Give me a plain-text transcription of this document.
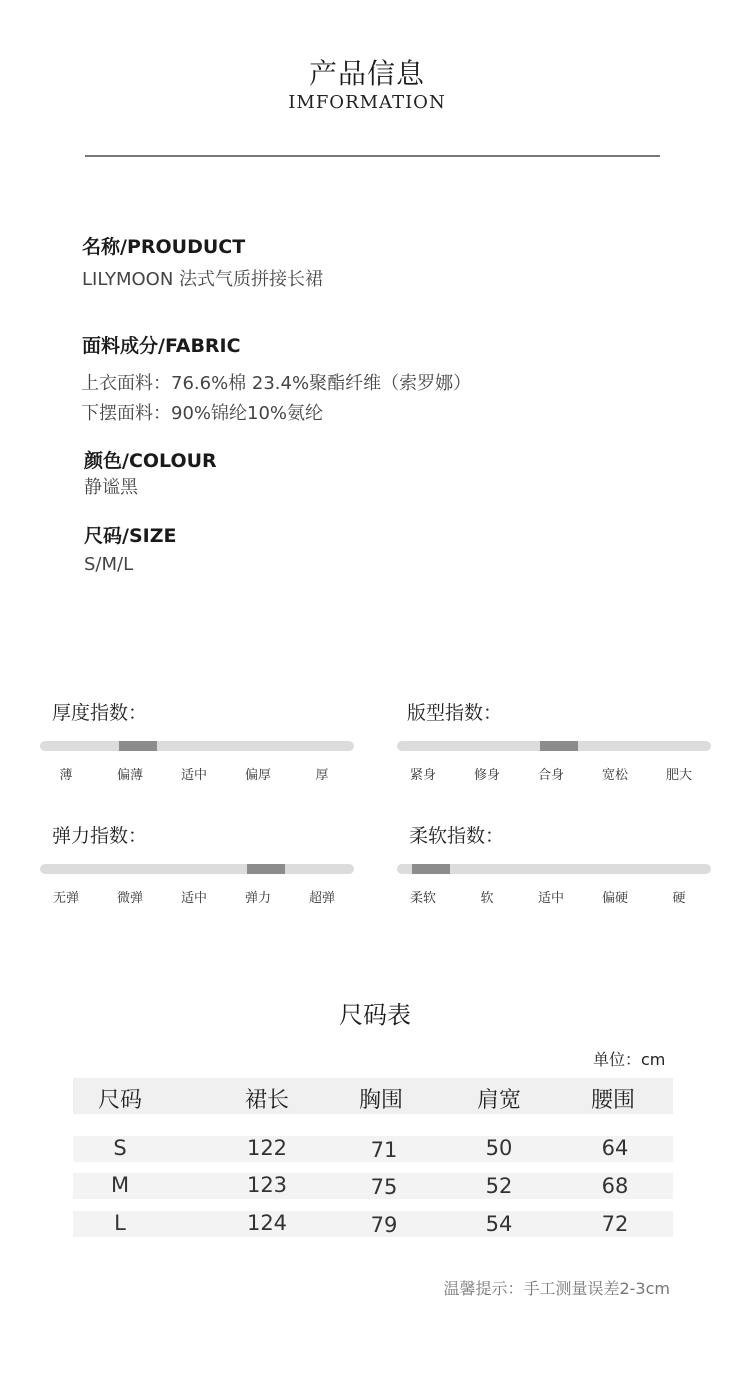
产品信息
IMFORMATION
名称/PROUDUCT
LILYMOON 法式气质拼接长裙
面料成分/FABRIC
上衣面料：76.6%棉 23.4%聚酯纤维（索罗娜）
下摆面料：90%锦纶10%氨纶
颜色/COLOUR
静谧黑
尺码/SIZE
S/M/L
厚度指数：
薄	偏薄	适中	偏厚	厚
版型指数：
紧身	修身	合身	宽松	肥大
弹力指数：
无弹	微弹	适中	弹力	超弹
柔软指数：
柔软	软	适中	偏硬	硬
尺码表
单位：cm
尺码	裙长	胸围	肩宽	腰围
S	122	71	50	64
M	123	75	52	68
L	124	79	54	72
温馨提示：手工测量误差2-3cm
